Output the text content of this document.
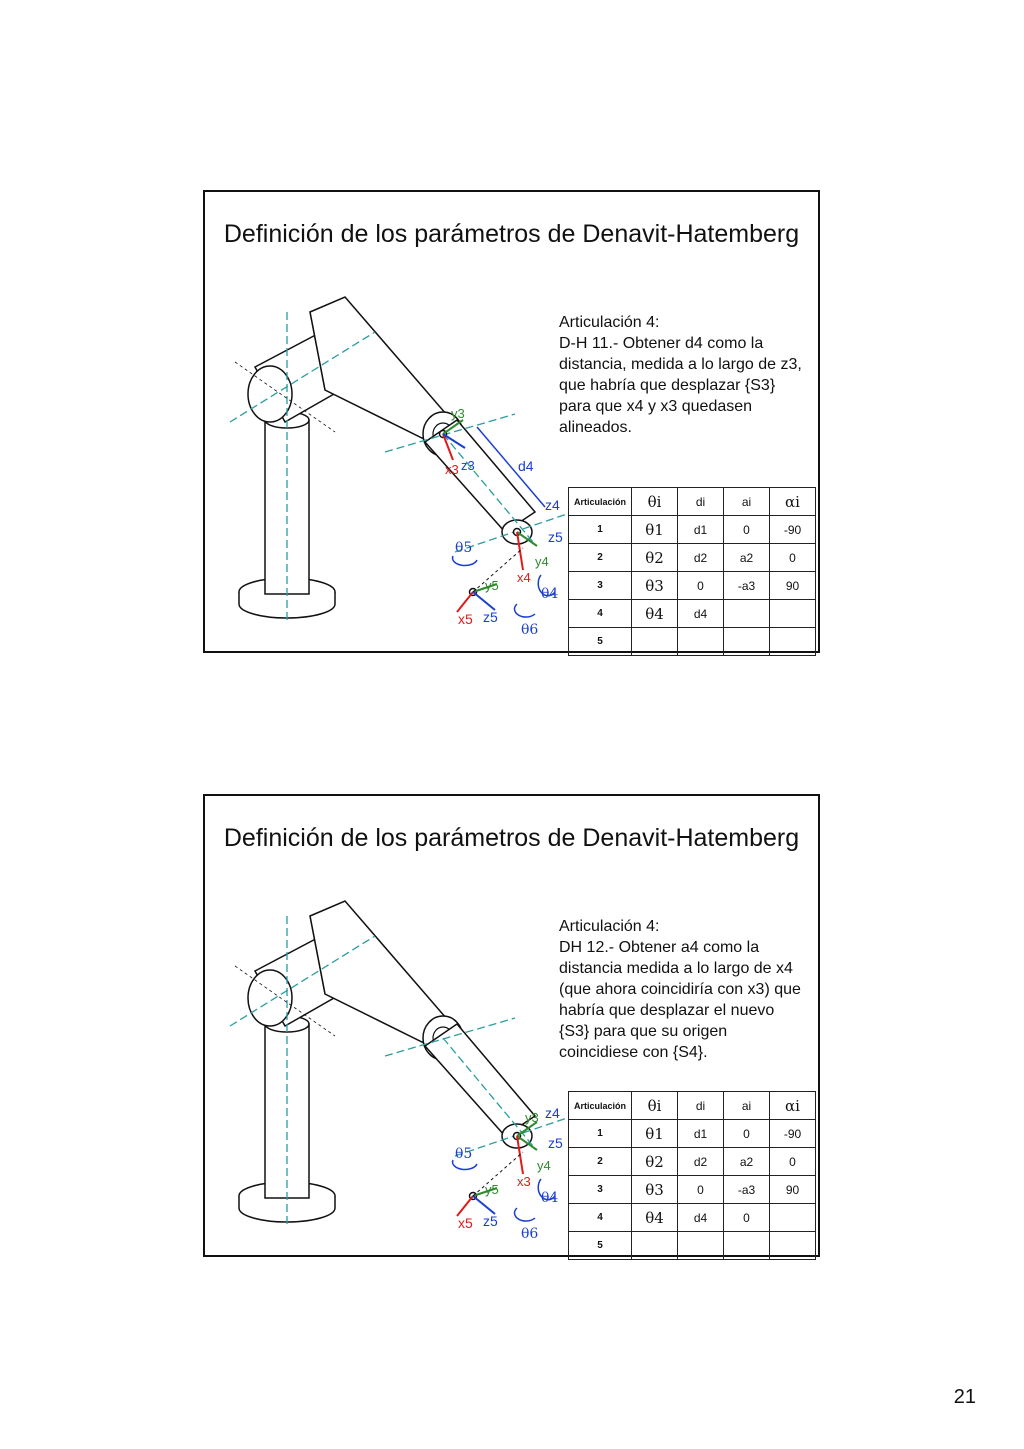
Definición de los parámetros de Denavit-Hatemberg
Articulación 4:
D-H 11.- Obtener d4 como la
distancia, medida a lo largo de z3,
que habría que desplazar {S3}
para que x4 y x3 quedasen
alineados.
y3
x3 z3	d4
z4
z5
θ5
y4
θ4
y5
x4
x5 z5
θ6
Articulación	θi	di	ai	αi
1	θ1	d1	0	-90
2	θ2	d2	a2	0
3	θ3	0	-a3	90
4	θ4	d4		
5				
Definición de los parámetros de Denavit-Hatemberg
Articulación 4:
DH 12.- Obtener a4 como la
distancia medida a lo largo de x4
(que ahora coincidiría con x3) que
habría que desplazar el nuevo
{S3} para que su origen
coincidiese con {S4}.
z4
y3
z5
θ5
y4
x3
θ4
y5
x5 z5
θ6
Articulación	θi	di	ai	αi
1	θ1	d1	0	-90
2	θ2	d2	a2	0
3	θ3	0	-a3	90
4	θ4	d4	0	
5				
21
